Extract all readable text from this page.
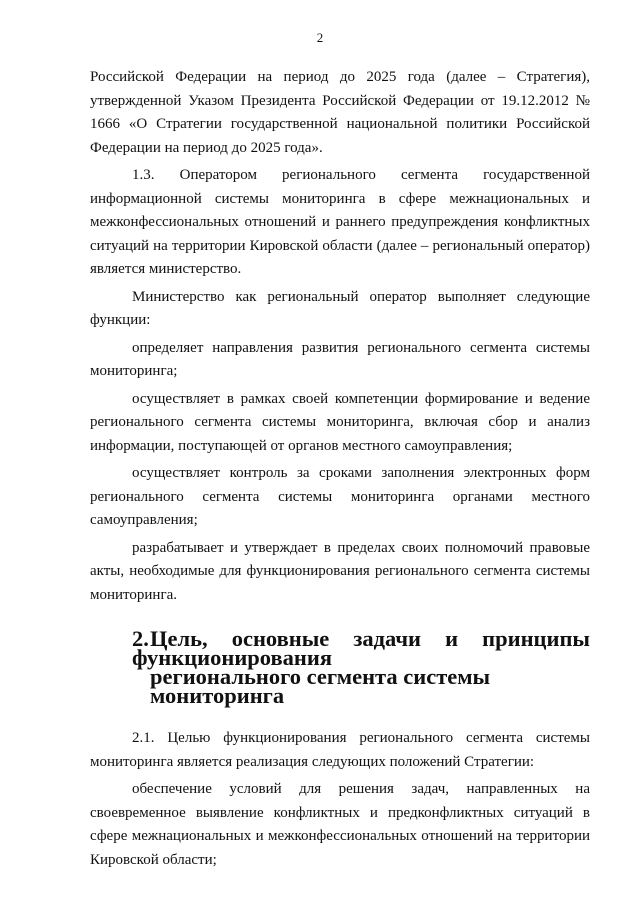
2

Российской Федерации на период до 2025 года (далее – Стратегия), утвержденной Указом Президента Российской Федерации от 19.12.2012 № 1666 «О Стратегии государственной национальной политики Российской Федерации на период до 2025 года».

1.3. Оператором регионального сегмента государственной информационной системы мониторинга в сфере межнациональных и межконфессиональных отношений и раннего предупреждения конфликтных ситуаций на территории Кировской области (далее – региональный оператор) является министерство.

Министерство как региональный оператор выполняет следующие функции:

определяет направления развития регионального сегмента системы мониторинга;

осуществляет в рамках своей компетенции формирование и ведение регионального сегмента системы мониторинга, включая сбор и анализ информации, поступающей от органов местного самоуправления;

осуществляет контроль за сроками заполнения электронных форм регионального сегмента системы мониторинга органами местного самоуправления;

разрабатывает и утверждает в пределах своих полномочий правовые акты, необходимые для функционирования регионального сегмента системы мониторинга.

2.Цель, основные задачи и принципы функционирования
регионального сегмента системы мониторинга

2.1. Целью функционирования регионального сегмента системы мониторинга является реализация следующих положений Стратегии:

обеспечение условий для решения задач, направленных на своевременное выявление конфликтных и предконфликтных ситуаций в сфере межнациональных и межконфессиональных отношений на территории Кировской области;
